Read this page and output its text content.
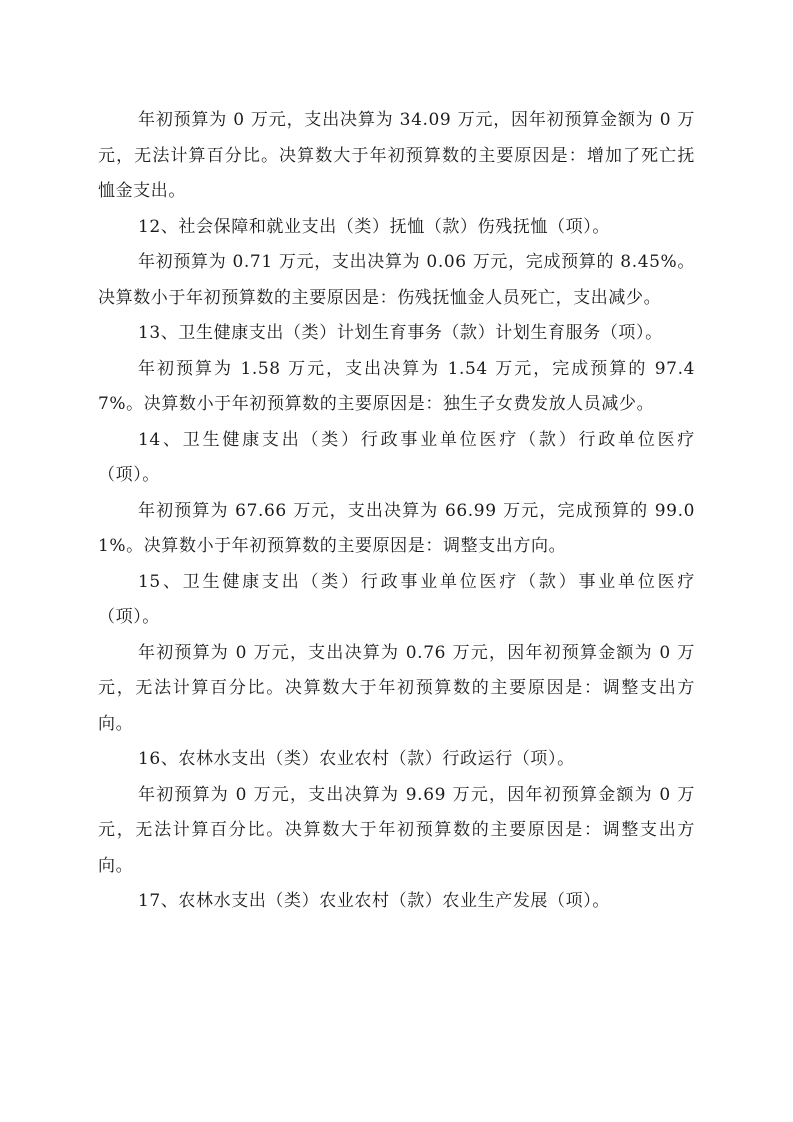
年初预算为 0 万元，支出决算为 34.09 万元，因年初预算金额为 0 万元，无法计算百分比。决算数大于年初预算数的主要原因是：增加了死亡抚恤金支出。

12、社会保障和就业支出（类）抚恤（款）伤残抚恤（项）。

年初预算为 0.71 万元，支出决算为 0.06 万元，完成预算的 8.45%。决算数小于年初预算数的主要原因是：伤残抚恤金人员死亡，支出减少。

13、卫生健康支出（类）计划生育事务（款）计划生育服务（项）。

年初预算为 1.58 万元，支出决算为 1.54 万元，完成预算的 97.47%。决算数小于年初预算数的主要原因是：独生子女费发放人员减少。

14、卫生健康支出（类）行政事业单位医疗（款）行政单位医疗（项）。

年初预算为 67.66 万元，支出决算为 66.99 万元，完成预算的 99.01%。决算数小于年初预算数的主要原因是：调整支出方向。

15、卫生健康支出（类）行政事业单位医疗（款）事业单位医疗（项）。

年初预算为 0 万元，支出决算为 0.76 万元，因年初预算金额为 0 万元，无法计算百分比。决算数大于年初预算数的主要原因是：调整支出方向。

16、农林水支出（类）农业农村（款）行政运行（项）。

年初预算为 0 万元，支出决算为 9.69 万元，因年初预算金额为 0 万元，无法计算百分比。决算数大于年初预算数的主要原因是：调整支出方向。

17、农林水支出（类）农业农村（款）农业生产发展（项）。
